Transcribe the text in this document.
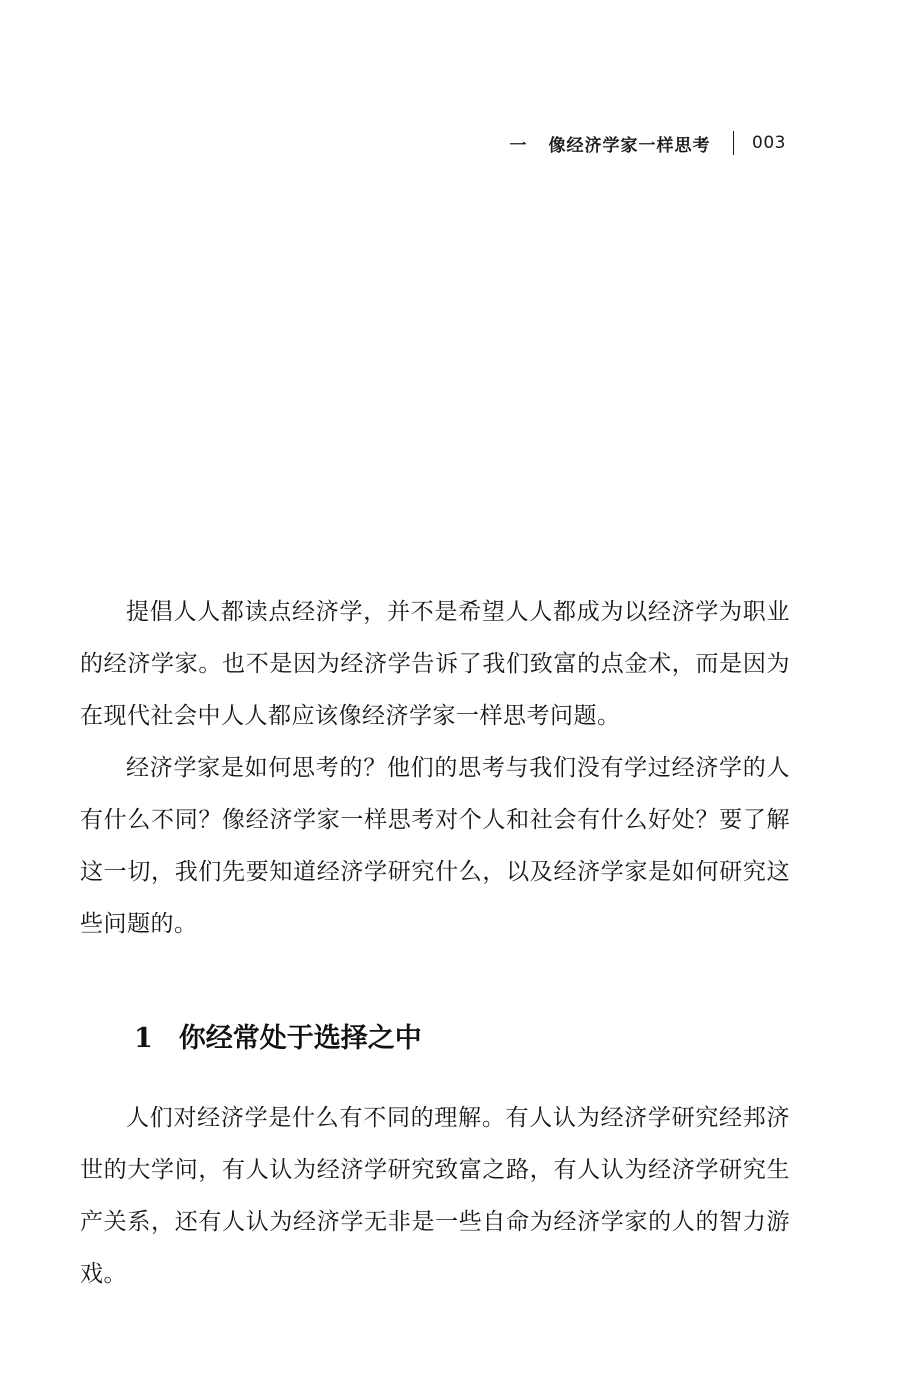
一 像经济学家一样思考 003

提倡人人都读点经济学，并不是希望人人都成为以经济学为职业的经济学家。也不是因为经济学告诉了我们致富的点金术，而是因为在现代社会中人人都应该像经济学家一样思考问题。

经济学家是如何思考的？他们的思考与我们没有学过经济学的人有什么不同？像经济学家一样思考对个人和社会有什么好处？要了解这一切，我们先要知道经济学研究什么，以及经济学家是如何研究这些问题的。

1 你经常处于选择之中

人们对经济学是什么有不同的理解。有人认为经济学研究经邦济世的大学问，有人认为经济学研究致富之路，有人认为经济学研究生产关系，还有人认为经济学无非是一些自命为经济学家的人的智力游戏。
